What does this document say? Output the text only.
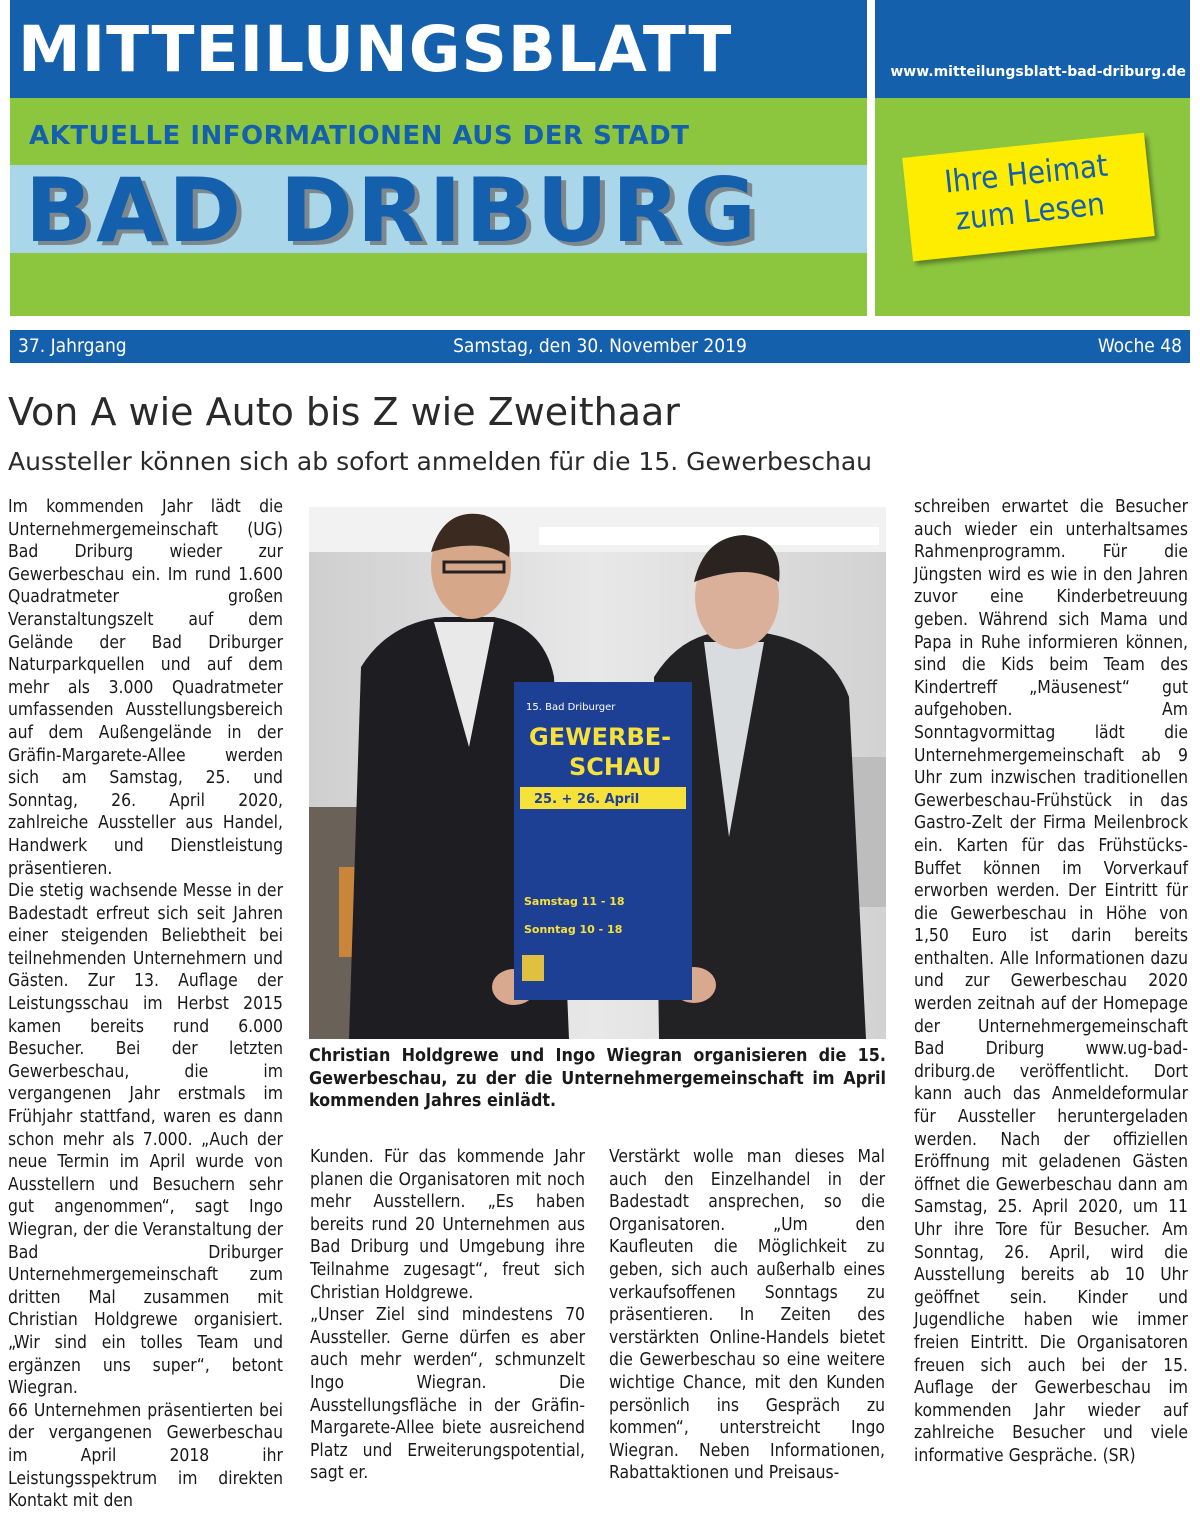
MITTEILUNGSBLATT
AKTUELLE INFORMATIONEN AUS DER STADT
BAD DRIBURG
www.mitteilungsblatt-bad-driburg.de
Ihre Heimat
zum Lesen
Samstag, den 30. November 2019
37. Jahrgang	Woche 48
Von A wie Auto bis Z wie Zweithaar
Aussteller können sich ab sofort anmelden für die 15. Gewerbeschau

Im kommenden Jahr lädt die Unternehmergemeinschaft (UG) Bad Driburg wieder zur Gewerbeschau ein. Im rund 1.600 Quadratmeter großen Veranstaltungszelt auf dem Gelände der Bad Driburger Naturparkquellen und auf dem mehr als 3.000 Quadratmeter umfassenden Ausstellungsbereich auf dem Außengelände in der Gräfin-Margarete-Allee werden sich am Samstag, 25. und Sonntag, 26. April 2020, zahlreiche Aussteller aus Handel, Handwerk und Dienstleistung präsentieren.

Die stetig wachsende Messe in der Badestadt erfreut sich seit Jahren einer steigenden Beliebtheit bei teilnehmenden Unternehmern und Gästen. Zur 13. Auflage der Leistungsschau im Herbst 2015 kamen bereits rund 6.000 Besucher. Bei der letzten Gewerbeschau, die im vergangenen Jahr erstmals im Frühjahr stattfand, waren es dann schon mehr als 7.000. „Auch der neue Termin im April wurde von Ausstellern und Besuchern sehr gut angenommen“, sagt Ingo Wiegran, der die Veranstaltung der Bad Driburger Unternehmergemeinschaft zum dritten Mal zusammen mit Christian Holdgrewe organisiert. „Wir sind ein tolles Team und ergänzen uns super“, betont Wiegran.

66 Unternehmen präsentierten bei der vergangenen Gewerbeschau im April 2018 ihr Leistungsspektrum im direkten Kontakt mit den

15. Bad Driburger
GEWERBE-
SCHAU
25. + 26. April
Samstag 11 - 18
Sonntag 10 - 18
Christian Holdgrewe und Ingo Wiegran organisieren die 15. Gewerbeschau, zu der die Unternehmergemeinschaft im April kommenden Jahres einlädt.

Kunden. Für das kommende Jahr planen die Organisatoren mit noch mehr Ausstellern. „Es haben bereits rund 20 Unternehmen aus Bad Driburg und Umgebung ihre Teilnahme zugesagt“, freut sich Christian Holdgrewe.

„Unser Ziel sind mindestens 70 Aussteller. Gerne dürfen es aber auch mehr werden“, schmunzelt Ingo Wiegran. Die Ausstellungsfläche in der Gräfin-Margarete-Allee biete ausreichend Platz und Erweiterungspotential, sagt er.

Verstärkt wolle man dieses Mal auch den Einzelhandel in der Badestadt ansprechen, so die Organisatoren. „Um den Kaufleuten die Möglichkeit zu geben, sich auch außerhalb eines verkaufsoffenen Sonntags zu präsentieren. In Zeiten des verstärkten Online-Handels bietet die Gewerbeschau so eine weitere wichtige Chance, mit den Kunden persönlich ins Gespräch zu kommen“, unterstreicht Ingo Wiegran. Neben Informationen, Rabattaktionen und Preisaus-

schreiben erwartet die Besucher auch wieder ein unterhaltsames Rahmenprogramm. Für die Jüngsten wird es wie in den Jahren zuvor eine Kinderbetreuung geben. Während sich Mama und Papa in Ruhe informieren können, sind die Kids beim Team des Kindertreff „Mäusenest“ gut aufgehoben. Am Sonntagvormittag lädt die Unternehmergemeinschaft ab 9 Uhr zum inzwischen traditionellen Gewerbeschau-Frühstück in das Gastro-Zelt der Firma Meilenbrock ein. Karten für das Frühstücks-Buffet können im Vorverkauf erworben werden. Der Eintritt für die Gewerbeschau in Höhe von 1,50 Euro ist darin bereits enthalten. Alle Informationen dazu und zur Gewerbeschau 2020 werden zeitnah auf der Homepage der Unternehmergemeinschaft Bad Driburg www.ug-bad-driburg.de veröffentlicht. Dort kann auch das Anmeldeformular für Aussteller heruntergeladen werden. Nach der offiziellen Eröffnung mit geladenen Gästen öffnet die Gewerbeschau dann am Samstag, 25. April 2020, um 11 Uhr ihre Tore für Besucher. Am Sonntag, 26. April, wird die Ausstellung bereits ab 10 Uhr geöffnet sein. Kinder und Jugendliche haben wie immer freien Eintritt. Die Organisatoren freuen sich auch bei der 15. Auflage der Gewerbeschau im kommenden Jahr wieder auf zahlreiche Besucher und viele informative Gespräche. (SR)
